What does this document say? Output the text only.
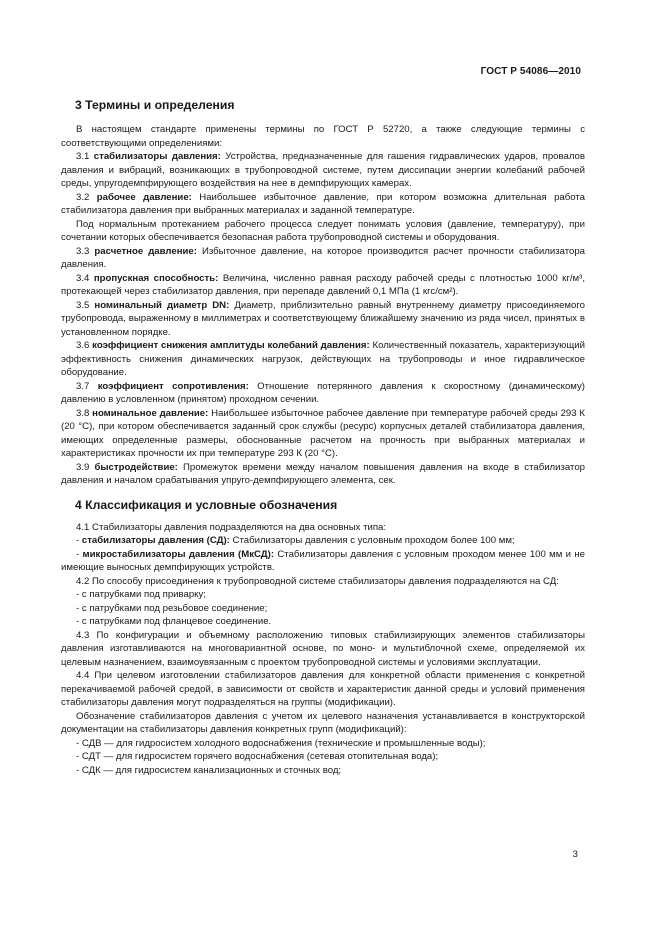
ГОСТ Р 54086—2010
3 Термины и определения

В настоящем стандарте применены термины по ГОСТ Р 52720, а также следующие термины с соответствующими определениями:

3.1 стабилизаторы давления: Устройства, предназначенные для гашения гидравлических ударов, провалов давления и вибраций, возникающих в трубопроводной системе, путем диссипации энергии колебаний рабочей среды, упругодемпфирующего воздействия на нее в демпфирующих камерах.

3.2 рабочее давление: Наибольшее избыточное давление, при котором возможна длительная работа стабилизатора давления при выбранных материалах и заданной температуре.

Под нормальным протеканием рабочего процесса следует понимать условия (давление, температуру), при сочетании которых обеспечивается безопасная работа трубопроводной системы и оборудования.

3.3 расчетное давление: Избыточное давление, на которое производится расчет прочности стабилизатора давления.

3.4 пропускная способность: Величина, численно равная расходу рабочей среды с плотностью 1000 кг/м³, протекающей через стабилизатор давления, при перепаде давлений 0,1 МПа (1 кгс/см²).

3.5 номинальный диаметр DN: Диаметр, приблизительно равный внутреннему диаметру присоединяемого трубопровода, выраженному в миллиметрах и соответствующему ближайшему значению из ряда чисел, принятых в установленном порядке.

3.6 коэффициент снижения амплитуды колебаний давления: Количественный показатель, характеризующий эффективность снижения динамических нагрузок, действующих на трубопроводы и иное гидравлическое оборудование.

3.7 коэффициент сопротивления: Отношение потерянного давления к скоростному (динамическому) давлению в условленном (принятом) проходном сечении.

3.8 номинальное давление: Наибольшее избыточное рабочее давление при температуре рабочей среды 293 К (20 °С), при котором обеспечивается заданный срок службы (ресурс) корпусных деталей стабилизатора давления, имеющих определенные размеры, обоснованные расчетом на прочность при выбранных материалах и характеристиках прочности их при температуре 293 К (20 °С).

3.9 быстродействие: Промежуток времени между началом повышения давления на входе в стабилизатор давления и началом срабатывания упруго-демпфирующего элемента, сек.

4 Классификация и условные обозначения

4.1 Стабилизаторы давления подразделяются на два основных типа:

- стабилизаторы давления (СД): Стабилизаторы давления с условным проходом более 100 мм;

- микростабилизаторы давления (МкСД): Стабилизаторы давления с условным проходом менее 100 мм и не имеющие выносных демпфирующих устройств.

4.2 По способу присоединения к трубопроводной системе стабилизаторы давления подразделяются на СД:

- с патрубками под приварку;

- с патрубками под резьбовое соединение;

- с патрубками под фланцевое соединение.

4.3 По конфигурации и объемному расположению типовых стабилизирующих элементов стабилизаторы давления изготавливаются на многовариантной основе, по моно- и мультиблочной схеме, определяемой их целевым назначением, взаимоувязанным с проектом трубопроводной системы и условиями эксплуатации.

4.4 При целевом изготовлении стабилизаторов давления для конкретной области применения с конкретной перекачиваемой рабочей средой, в зависимости от свойств и характеристик данной среды и условий применения стабилизаторы давления могут подразделяться на группы (модификации).

Обозначение стабилизаторов давления с учетом их целевого назначения устанавливается в конструкторской документации на стабилизаторы давления конкретных групп (модификаций):

- СДВ — для гидросистем холодного водоснабжения (технические и промышленные воды);

- СДТ — для гидросистем горячего водоснабжения (сетевая отопительная вода);

- СДК — для гидросистем канализационных и сточных вод;

3
